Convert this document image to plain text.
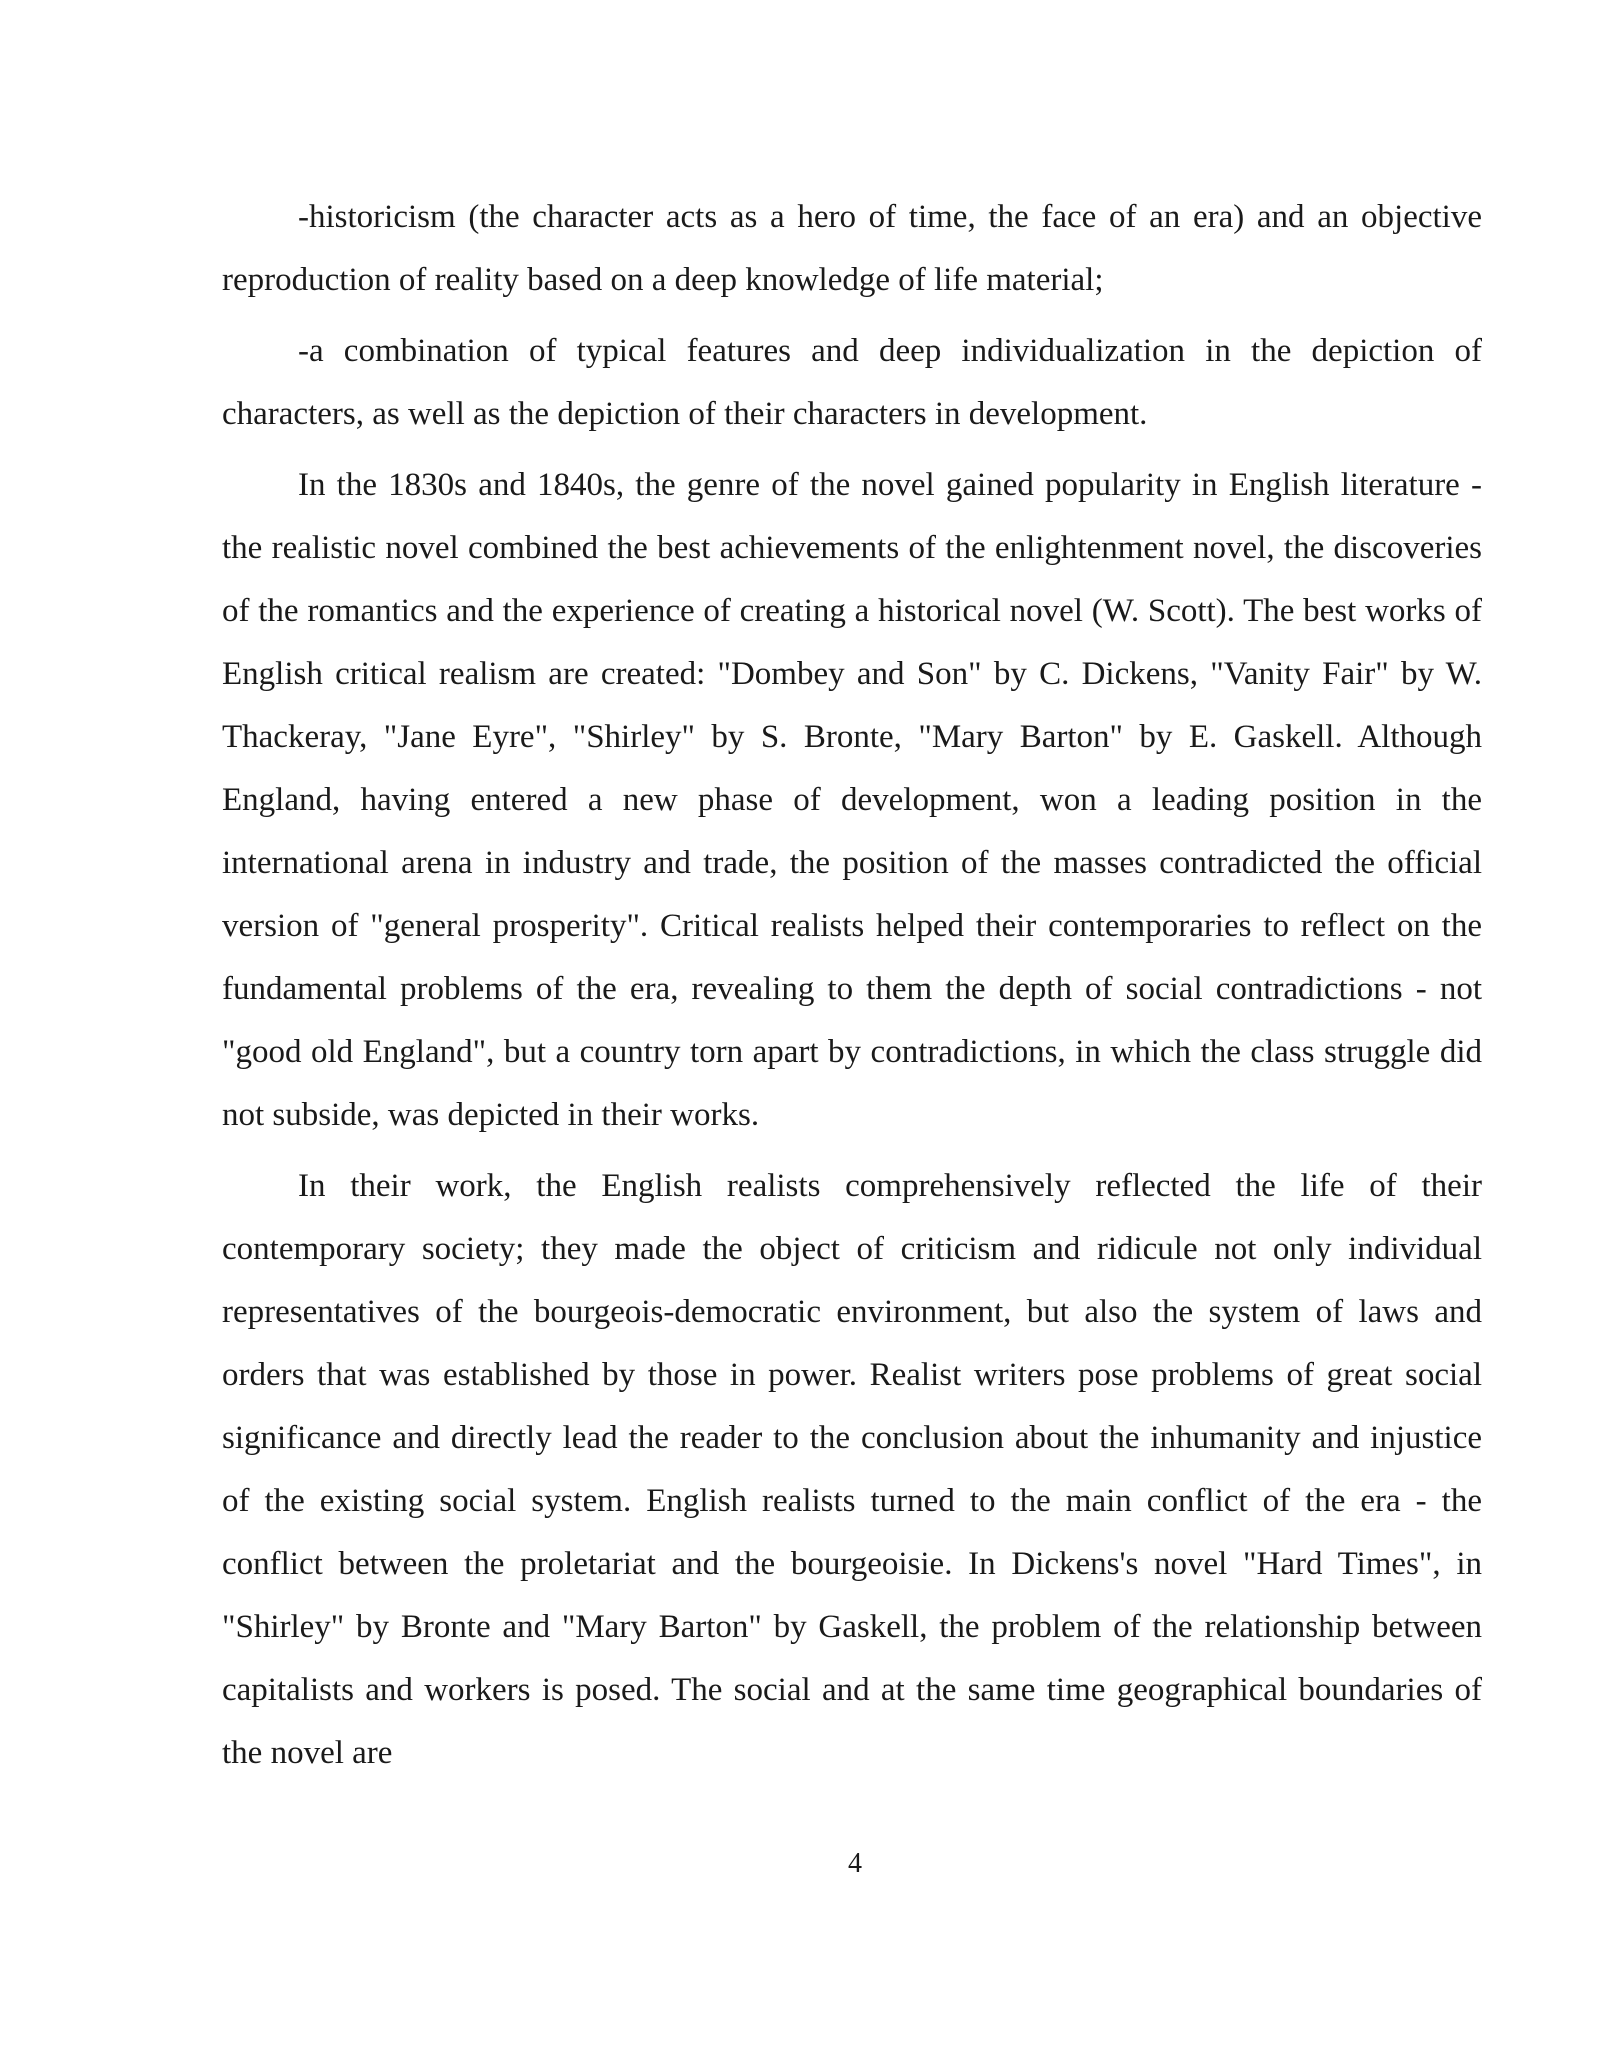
-historicism (the character acts as a hero of time, the face of an era) and an objective reproduction of reality based on a deep knowledge of life material;

-a combination of typical features and deep individualization in the depiction of characters, as well as the depiction of their characters in development.

In the 1830s and 1840s, the genre of the novel gained popularity in English literature - the realistic novel combined the best achievements of the enlightenment novel, the discoveries of the romantics and the experience of creating a historical novel (W. Scott). The best works of English critical realism are created: "Dombey and Son" by C. Dickens, "Vanity Fair" by W. Thackeray, "Jane Eyre", "Shirley" by S. Bronte, "Mary Barton" by E. Gaskell. Although England, having entered a new phase of development, won a leading position in the international arena in industry and trade, the position of the masses contradicted the official version of "general prosperity". Critical realists helped their contemporaries to reflect on the fundamental problems of the era, revealing to them the depth of social contradictions - not "good old England", but a country torn apart by contradictions, in which the class struggle did not subside, was depicted in their works.

In their work, the English realists comprehensively reflected the life of their contemporary society; they made the object of criticism and ridicule not only individual representatives of the bourgeois-democratic environment, but also the system of laws and orders that was established by those in power. Realist writers pose problems of great social significance and directly lead the reader to the conclusion about the inhumanity and injustice of the existing social system. English realists turned to the main conflict of the era - the conflict between the proletariat and the bourgeoisie. In Dickens's novel "Hard Times", in "Shirley" by Bronte and "Mary Barton" by Gaskell, the problem of the relationship between capitalists and workers is posed. The social and at the same time geographical boundaries of the novel are

4
